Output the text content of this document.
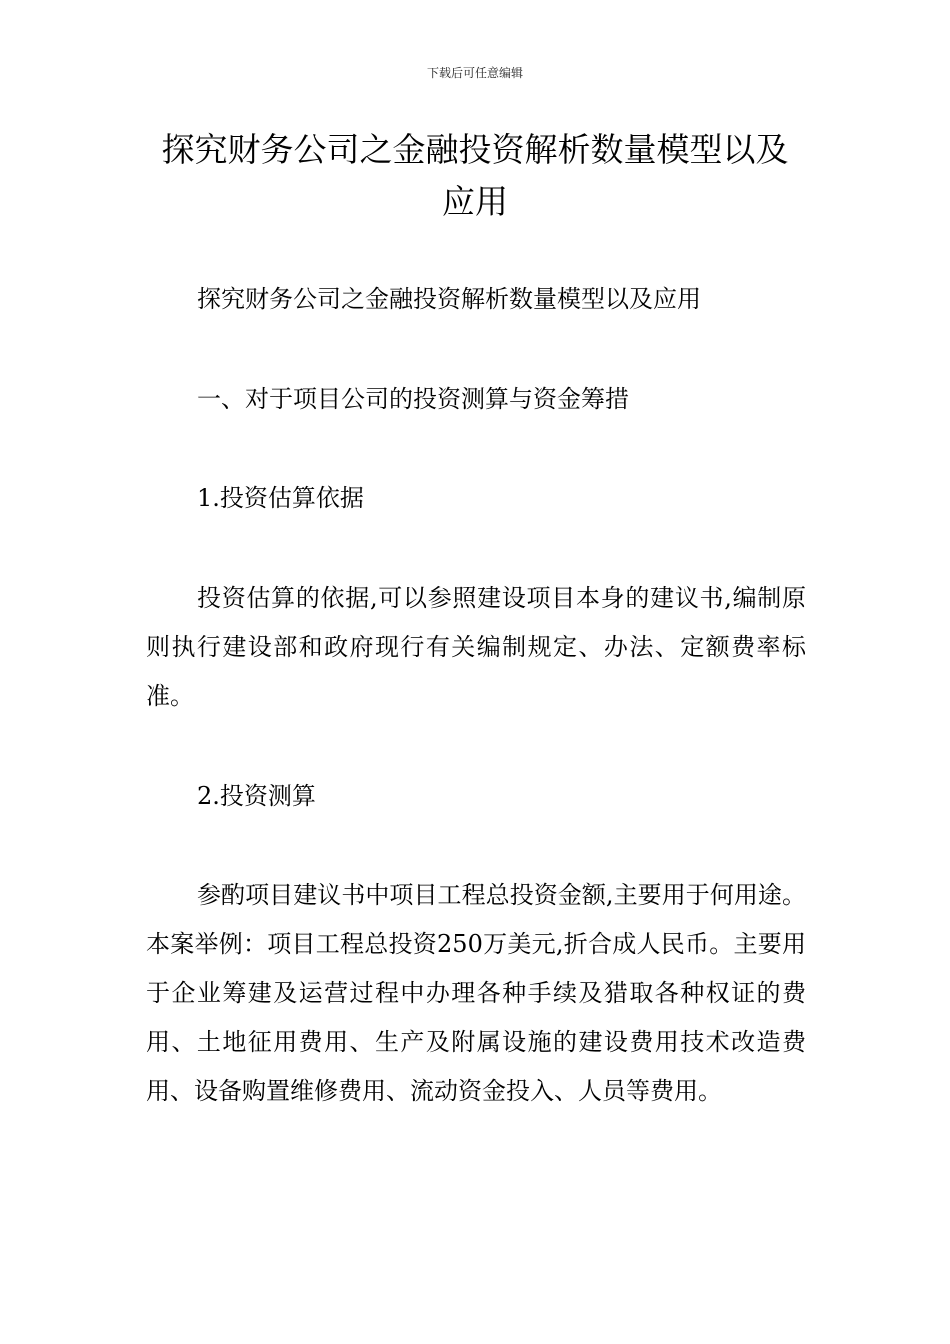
下载后可任意编辑
探究财务公司之金融投资解析数量模型以及应用

探究财务公司之金融投资解析数量模型以及应用

一、对于项目公司的投资测算与资金筹措

1.投资估算依据

投资估算的依据,可以参照建设项目本身的建议书,编制原则执行建设部和政府现行有关编制规定、办法、定额费率标准。

2.投资测算

参酌项目建议书中项目工程总投资金额,主要用于何用途。本案举例：项目工程总投资250万美元,折合成人民币。主要用于企业筹建及运营过程中办理各种手续及猎取各种权证的费用、土地征用费用、生产及附属设施的建设费用技术改造费用、设备购置维修费用、流动资金投入、人员等费用。
